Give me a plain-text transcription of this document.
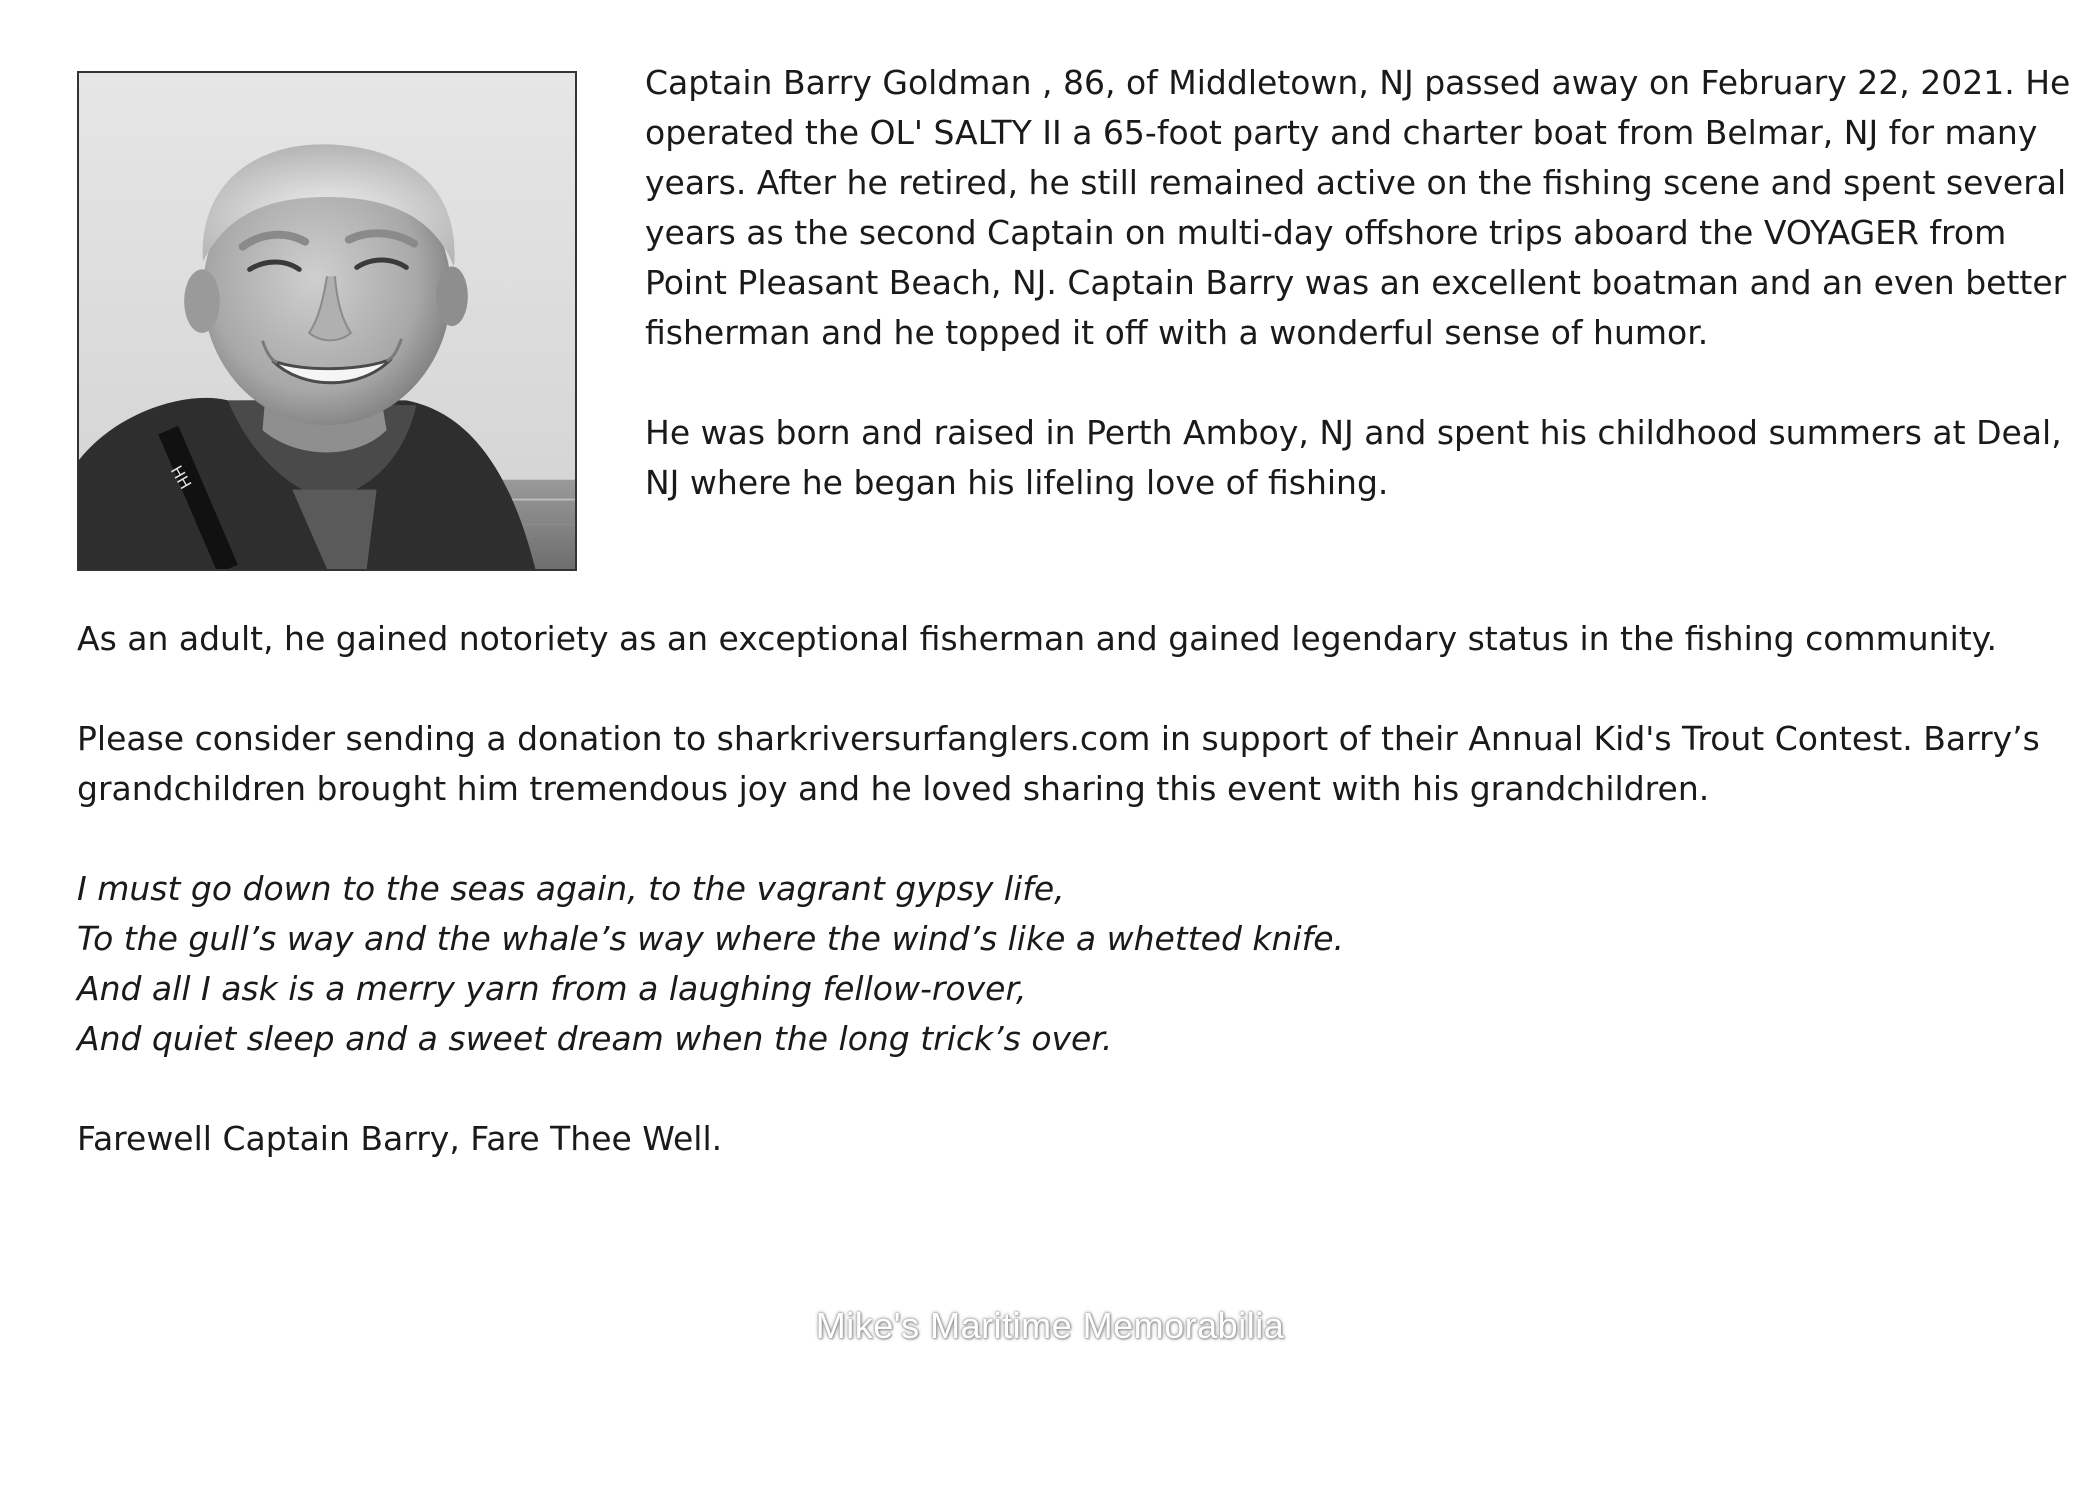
HH

Captain Barry Goldman , 86, of Middletown, NJ passed away on February 22, 2021. He operated the OL' SALTY II a 65-foot party and charter boat from Belmar, NJ for many years. After he retired, he still remained active on the fishing scene and spent several years as the second Captain on multi-day offshore trips aboard the VOYAGER from Point Pleasant Beach, NJ. Captain Barry was an excellent boatman and an even better fisherman and he topped it off with a wonderful sense of humor.

He was born and raised in Perth Amboy, NJ and spent his childhood summers at Deal, NJ where he began his lifeling love of fishing.

As an adult, he gained notoriety as an exceptional fisherman and gained legendary status in the fishing community.

Please consider sending a donation to sharkriversurfanglers.com in support of their Annual Kid's Trout Contest. Barry’s grandchildren brought him tremendous joy and he loved sharing this event with his grandchildren.

I must go down to the seas again, to the vagrant gypsy life,
To the gull’s way and the whale’s way where the wind’s like a whetted knife.
And all I ask is a merry yarn from a laughing fellow-rover,
And quiet sleep and a sweet dream when the long trick’s over.

Farewell Captain Barry, Fare Thee Well.

Mike's Maritime Memorabilia
